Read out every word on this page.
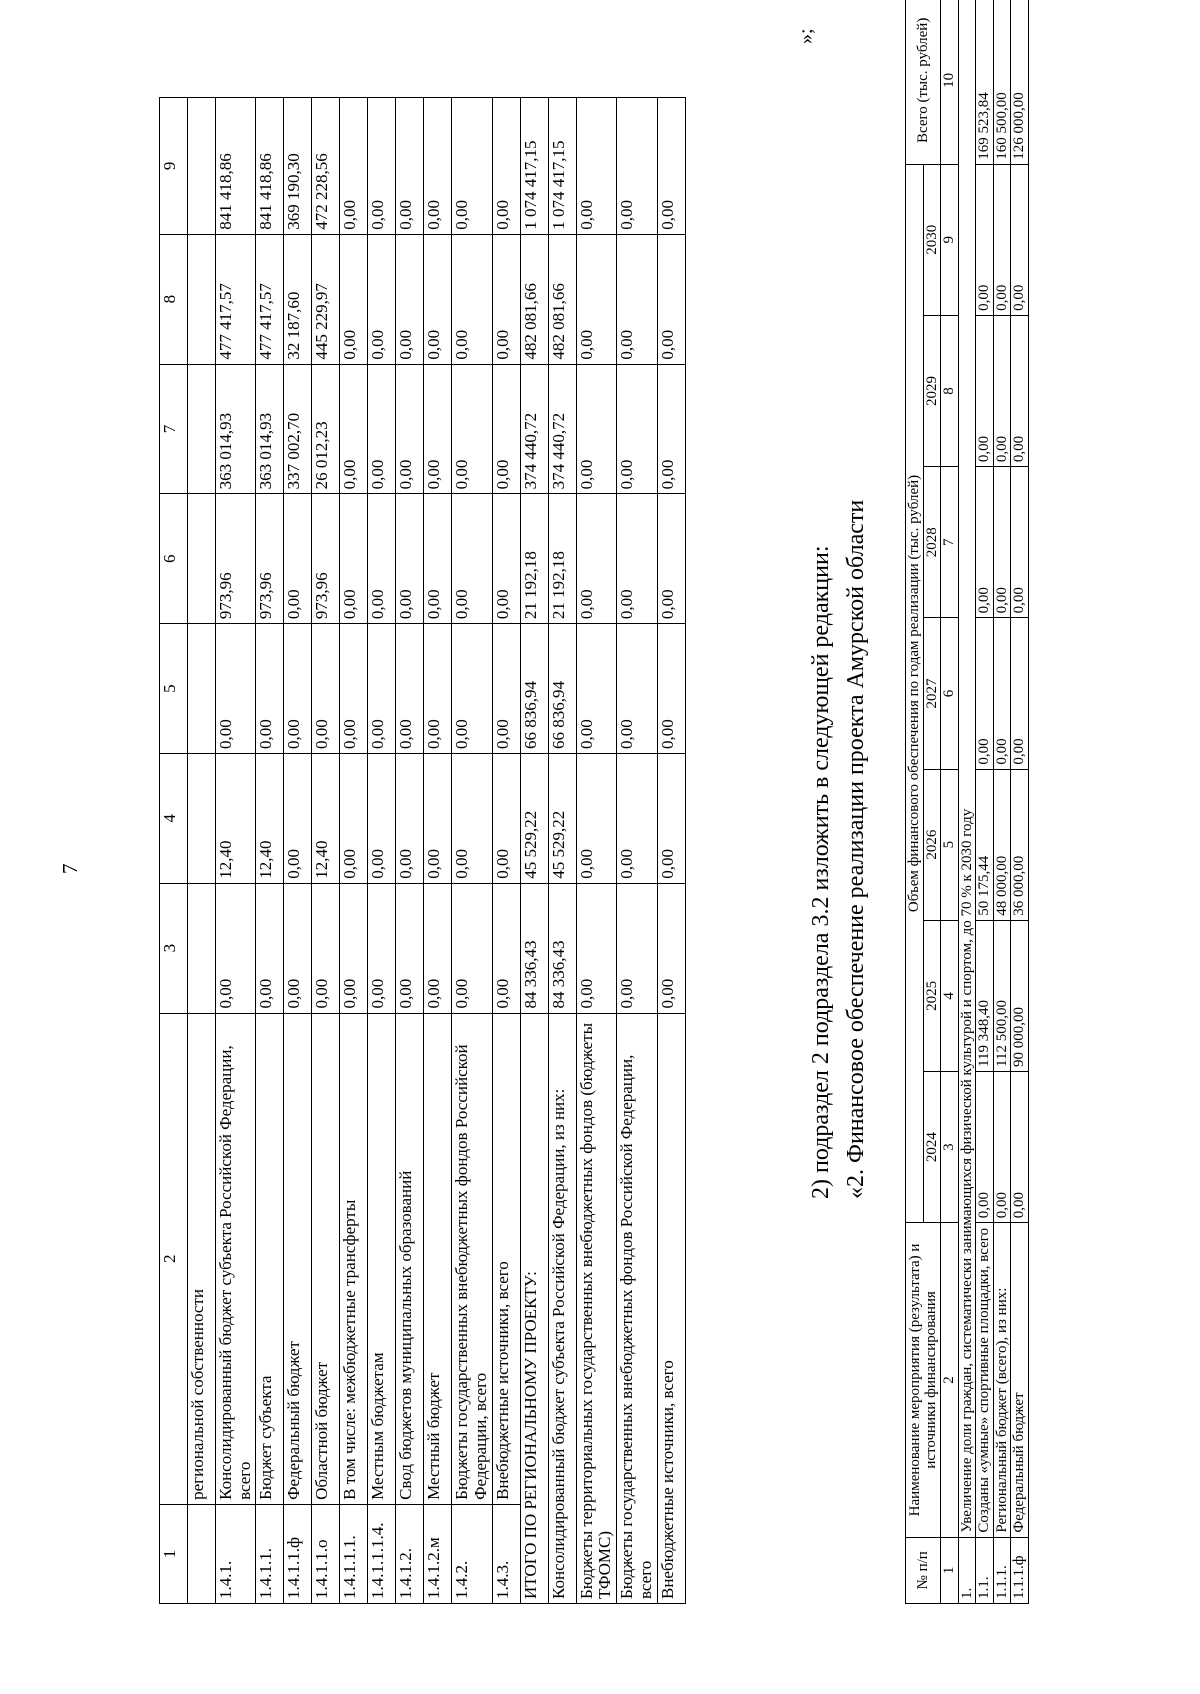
7
1	2	3	4	5	6	7	8	9
	региональной собственности							
1.4.1.	Консолидированный бюджет субъекта Российской Федерации, всего	0,00	12,40	0,00	973,96	363 014,93	477 417,57	841 418,86
1.4.1.1.	Бюджет субъекта	0,00	12,40	0,00	973,96	363 014,93	477 417,57	841 418,86
1.4.1.1.ф	Федеральный бюджет	0,00	0,00	0,00	0,00	337 002,70	32 187,60	369 190,30
1.4.1.1.о	Областной бюджет	0,00	12,40	0,00	973,96	26 012,23	445 229,97	472 228,56
1.4.1.1.1.	В том числе: межбюджетные трансферты	0,00	0,00	0,00	0,00	0,00	0,00	0,00
1.4.1.1.1.4.	Местным бюджетам	0,00	0,00	0,00	0,00	0,00	0,00	0,00
1.4.1.2.	Свод бюджетов муниципальных образований	0,00	0,00	0,00	0,00	0,00	0,00	0,00
1.4.1.2.м	Местный бюджет	0,00	0,00	0,00	0,00	0,00	0,00	0,00
1.4.2.	Бюджеты государственных внебюджетных фондов Российской Федерации, всего	0,00	0,00	0,00	0,00	0,00	0,00	0,00
1.4.3.	Внебюджетные источники, всего	0,00	0,00	0,00	0,00	0,00	0,00	0,00
ИТОГО ПО РЕГИОНАЛЬНОМУ ПРОЕКТУ:		84 336,43	45 529,22	66 836,94	21 192,18	374 440,72	482 081,66	1 074 417,15
Консолидированный бюджет субъекта Российской Федерации, из них:		84 336,43	45 529,22	66 836,94	21 192,18	374 440,72	482 081,66	1 074 417,15
Бюджеты территориальных государственных внебюджетных фондов (бюджеты ТФОМС)		0,00	0,00	0,00	0,00	0,00	0,00	0,00
Бюджеты государственных внебюджетных фондов Российской Федерации, всего		0,00	0,00	0,00	0,00	0,00	0,00	0,00
Внебюджетные источники, всего		0,00	0,00	0,00	0,00	0,00	0,00	0,00
»;
2) подраздел 2 подраздела 3.2 изложить в следующей редакции: «2. Финансовое обеспечение реализации проекта Амурской области
№ п/п	Наименование мероприятия (результата) и источники финансирования	Объем финансового обеспечения по годам реализации (тыс. рублей)							Всего (тыс. рублей)
		2024	2025	2026	2027	2028	2029	2030	
1	2	3	4	5	6	7	8	9	10
1.	Увеличение доли граждан, систематически занимающихся физической культурой и спортом, до 70 % к 2030 году								
1.1.	Созданы «умные» спортивные площадки, всего	0,00	119 348,40	50 175,44	0,00	0,00	0,00	0,00	169 523,84
1.1.1.	Региональный бюджет (всего), из них:	0,00	112 500,00	48 000,00	0,00	0,00	0,00	0,00	160 500,00
1.1.1.ф	Федеральный бюджет	0,00	90 000,00	36 000,00	0,00	0,00	0,00	0,00	126 000,00
